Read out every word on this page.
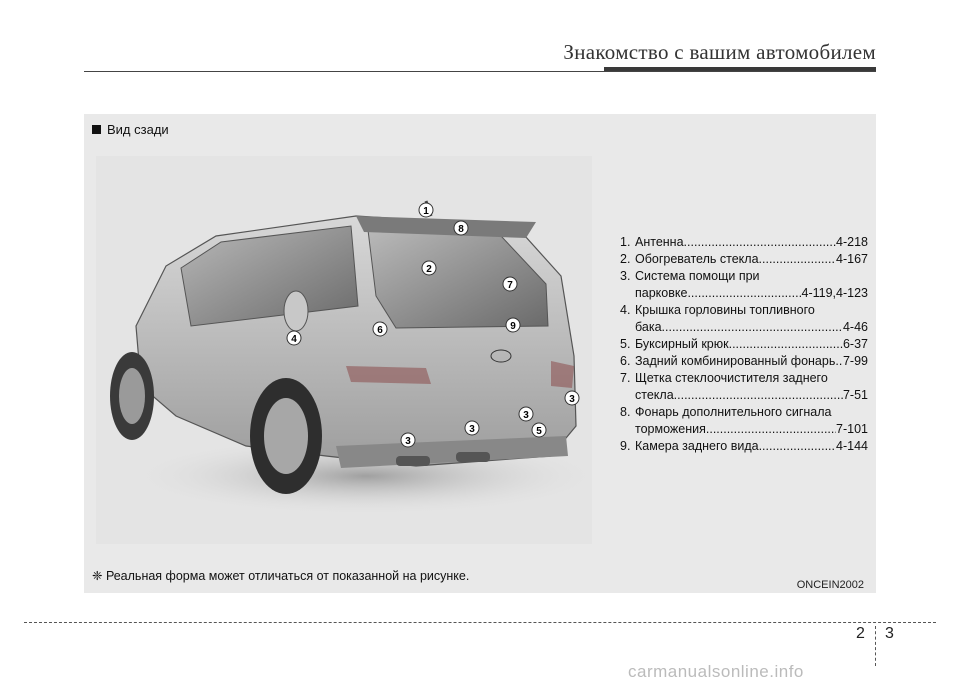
Знакомство с вашим автомобилем
Вид сзади
1
2
3
3
3
3
4
5
6
7
8
9
1. Антенна .....	4-218
2. Обогреватель стекла .....	4-167
3. Система помощи при
парковке .....	4-119,4-123
4. Крышка горловины топливного
бака .....	4-46
5. Буксирный крюк .....	6-37
6. Задний комбинированный фонарь ..... 7-99
7. Щетка стеклоочистителя заднего
стекла .....	7-51
8. Фонарь дополнительного сигнала
торможения .....	7-101
9. Камера заднего вида .....	4-144
❈ Реальная форма может отличаться от показанной на рисунке.
ONCEIN2002
2 3
carmanualsonline.info
